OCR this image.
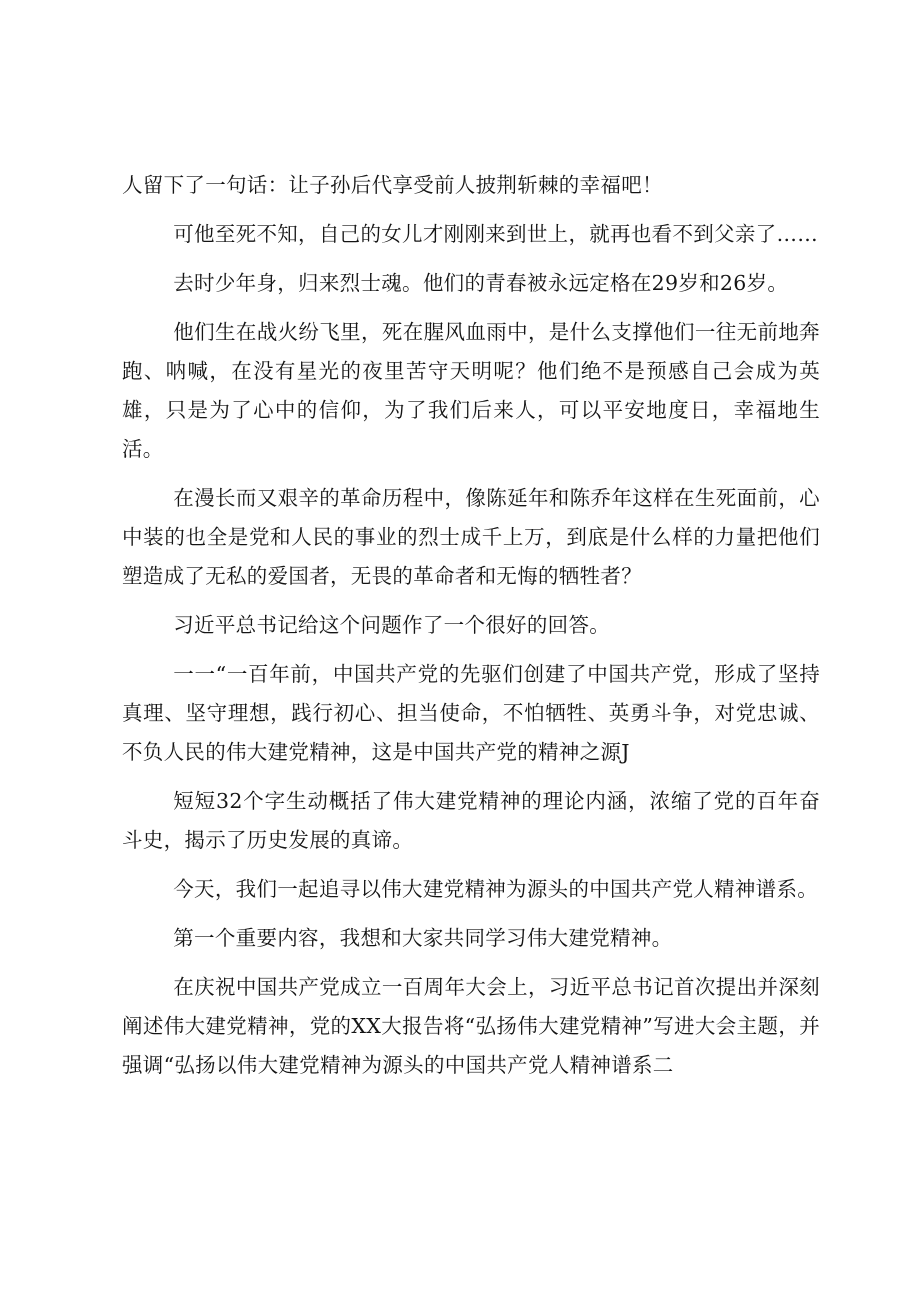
人留下了一句话：让子孙后代享受前人披荆斩棘的幸福吧！

可他至死不知，自己的女儿才刚刚来到世上，就再也看不到父亲了……

去时少年身，归来烈士魂。他们的青春被永远定格在29岁和26岁。

他们生在战火纷飞里，死在腥风血雨中，是什么支撑他们一往无前地奔跑、呐喊，在没有星光的夜里苦守天明呢？他们绝不是预感自己会成为英雄，只是为了心中的信仰，为了我们后来人，可以平安地度日，幸福地生活。

在漫长而又艰辛的革命历程中，像陈延年和陈乔年这样在生死面前，心中装的也全是党和人民的事业的烈士成千上万，到底是什么样的力量把他们塑造成了无私的爱国者，无畏的革命者和无悔的牺牲者？

习近平总书记给这个问题作了一个很好的回答。

一一“一百年前，中国共产党的先驱们创建了中国共产党，形成了坚持真理、坚守理想，践行初心、担当使命，不怕牺牲、英勇斗争，对党忠诚、不负人民的伟大建党精神，这是中国共产党的精神之源J

短短32个字生动概括了伟大建党精神的理论内涵，浓缩了党的百年奋斗史，揭示了历史发展的真谛。

今天，我们一起追寻以伟大建党精神为源头的中国共产党人精神谱系。

第一个重要内容，我想和大家共同学习伟大建党精神。

在庆祝中国共产党成立一百周年大会上，习近平总书记首次提出并深刻阐述伟大建党精神，党的XX大报告将“弘扬伟大建党精神”写进大会主题，并强调“弘扬以伟大建党精神为源头的中国共产党人精神谱系二
